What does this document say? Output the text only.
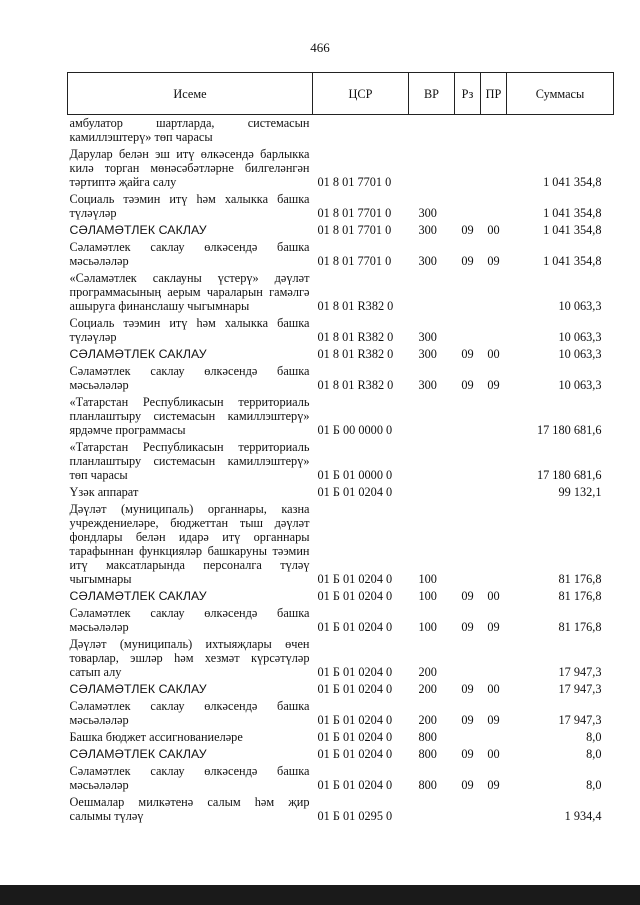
466
Исеме	ЦСР	ВР	Рз	ПР	Суммасы
амбулатор шартларда, системасын камиллэштерү» төп чарасы					
Дарулар белән эш итү өлкәсендә барлыкка килә торган мөнәсәбәтләрне билгеләнгән тәртиптә җайга салу	01 8 01 7701 0				1 041 354,8
Социаль тәэмин итү һәм халыкка башка түләүләр	01 8 01 7701 0	300			1 041 354,8
СӘЛАМӘТЛЕК САКЛАУ	01 8 01 7701 0	300	09	00	1 041 354,8
Сәламәтлек саклау өлкәсендә башка мәсьәләләр	01 8 01 7701 0	300	09	09	1 041 354,8
«Сәламәтлек саклауны үстерү» дәүләт программасының аерым чараларын гамәлгә ашыруга финанслашу чыгымнары	01 8 01 R382 0				10 063,3
Социаль тәэмин итү һәм халыкка башка түләүләр	01 8 01 R382 0	300			10 063,3
СӘЛАМӘТЛЕК САКЛАУ	01 8 01 R382 0	300	09	00	10 063,3
Сәламәтлек саклау өлкәсендә башка мәсьәләләр	01 8 01 R382 0	300	09	09	10 063,3
«Татарстан Республикасын территориаль планлаштыру системасын камиллэштерү» ярдәмче программасы	01 Б 00 0000 0				17 180 681,6
«Татарстан Республикасын территориаль планлаштыру системасын камиллэштерү» төп чарасы	01 Б 01 0000 0				17 180 681,6
Үзәк аппарат	01 Б 01 0204 0				99 132,1
Дәүләт (муниципаль) органнары, казна учреждениеләре, бюджеттан тыш дәүләт фондлары белән идарә итү органнары тарафыннан функцияләр башкаруны тәэмин итү максатларында персоналга түләү чыгымнары	01 Б 01 0204 0	100			81 176,8
СӘЛАМӘТЛЕК САКЛАУ	01 Б 01 0204 0	100	09	00	81 176,8
Сәламәтлек саклау өлкәсендә башка мәсьәләләр	01 Б 01 0204 0	100	09	09	81 176,8
Дәүләт (муниципаль) ихтыяҗлары өчен товарлар, эшләр һәм хезмәт күрсәтүләр сатып алу	01 Б 01 0204 0	200			17 947,3
СӘЛАМӘТЛЕК САКЛАУ	01 Б 01 0204 0	200	09	00	17 947,3
Сәламәтлек саклау өлкәсендә башка мәсьәләләр	01 Б 01 0204 0	200	09	09	17 947,3
Башка бюджет ассигнованиеләре	01 Б 01 0204 0	800			8,0
СӘЛАМӘТЛЕК САКЛАУ	01 Б 01 0204 0	800	09	00	8,0
Сәламәтлек саклау өлкәсендә башка мәсьәләләр	01 Б 01 0204 0	800	09	09	8,0
Оешмалар милкәтенә салым һәм җир салымы түләү	01 Б 01 0295 0				1 934,4
